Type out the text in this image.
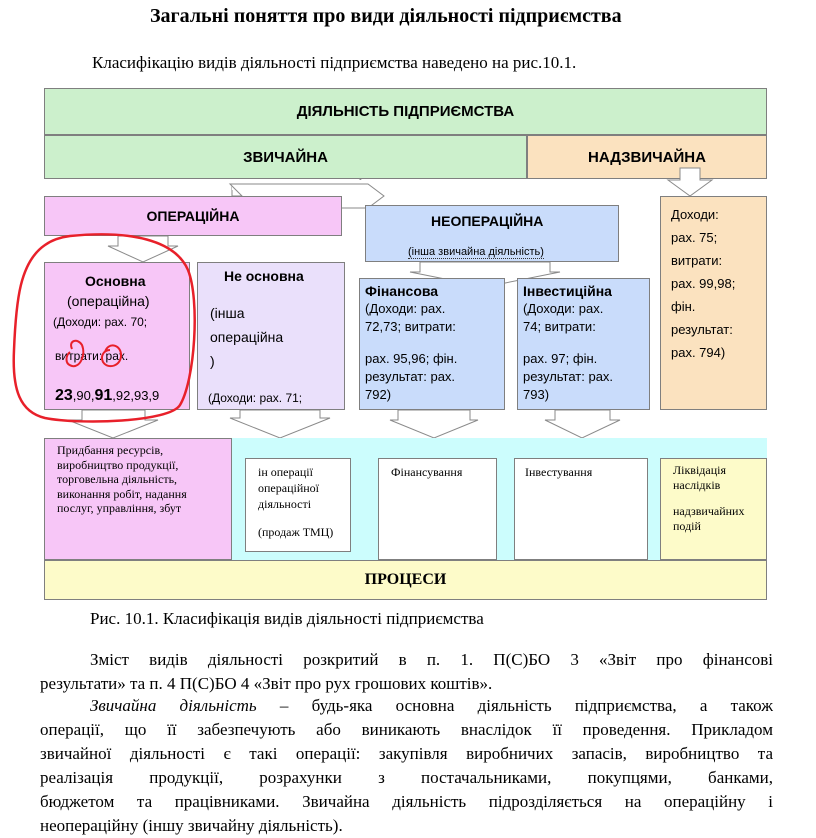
Загальні поняття про види діяльності підприємства
Класифікацію видів діяльності підприємства наведено на рис.10.1.
ДІЯЛЬНІСТЬ ПІДПРИЄМСТВА
ЗВИЧАЙНА	НАДЗВИЧАЙНА
ОПЕРАЦІЙНА	НЕОПЕРАЦІЙНА
(інша звичайна діяльність)
Доходи:
рах. 75;
витрати:
рах. 99,98;
фін.
результат:
рах. 794)
Основна
(операційна)
(Доходи: рах. 70;
витрати: рах.
23,90,91,92,93,9
Не основна
(інша
операційна
)
(Доходи: рах. 71;
Фінансова
(Доходи: рах.
72,73; витрати:
рах. 95,96; фін.
результат: рах.
792)
Інвестиційна
(Доходи: рах.
74; витрати:
рах. 97; фін.
результат: рах.
793)
Придбання ресурсів, виробництво продукції, торговельна діяльність, виконання робіт, надання послуг, управління, збут
ін операції
операційної
діяльності
(продаж ТМЦ)
Фінансування	Інвестування	Ліквідація
наслідків
надзвичайних
подій
ПРОЦЕСИ
Рис. 10.1. Класифікація видів діяльності підприємства
Зміст видів діяльності розкритий в п. 1. П(С)БО 3 «Звіт про фінансові
результати» та п. 4 П(С)БО 4 «Звіт про рух грошових коштів».
Звичайна діяльність – будь-яка основна діяльність підприємства, а також
операції, що її забезпечують або виникають внаслідок її проведення. Прикладом
звичайної діяльності є такі операції: закупівля виробничих запасів, виробництво та
реалізація продукції, розрахунки з постачальниками, покупцями, банками,
бюджетом та працівниками. Звичайна діяльність підрозділяється на операційну і
неопераційну (іншу звичайну діяльність).
